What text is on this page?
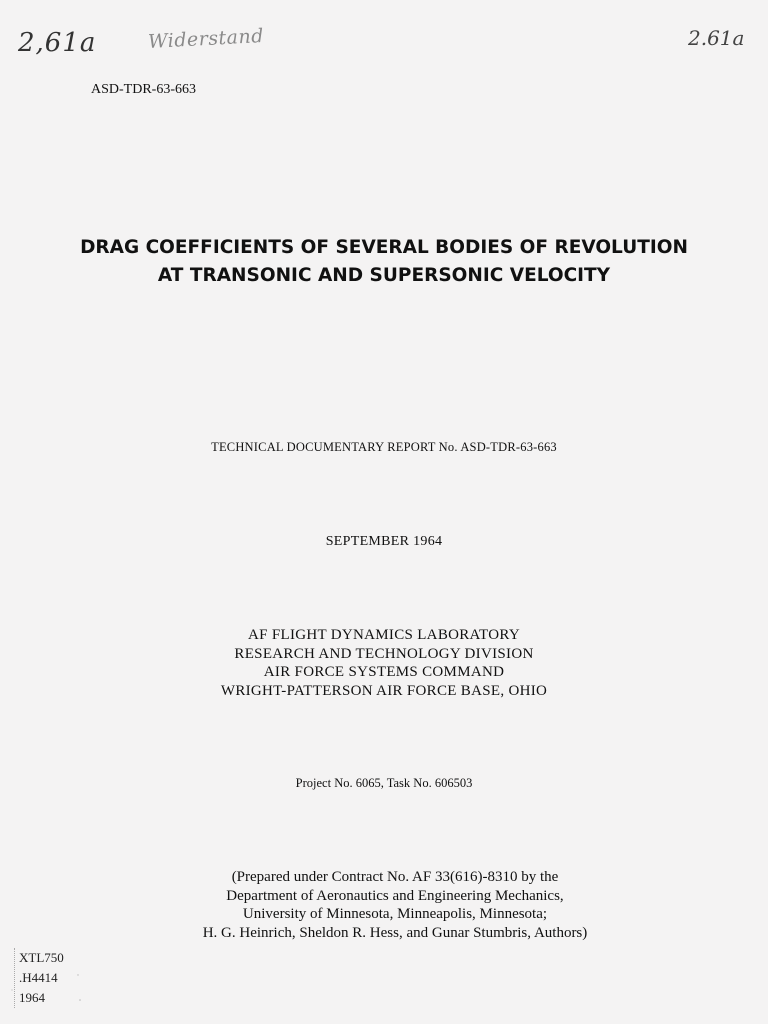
2,61a	Widerstand	2.61a
ASD-TDR-63-663
DRAG COEFFICIENTS OF SEVERAL BODIES OF REVOLUTION
AT TRANSONIC AND SUPERSONIC VELOCITY
TECHNICAL DOCUMENTARY REPORT No. ASD-TDR-63-663
SEPTEMBER 1964
AF FLIGHT DYNAMICS LABORATORY
RESEARCH AND TECHNOLOGY DIVISION
AIR FORCE SYSTEMS COMMAND
WRIGHT-PATTERSON AIR FORCE BASE, OHIO
Project No. 6065, Task No. 606503
(Prepared under Contract No. AF 33(616)-8310 by the
Department of Aeronautics and Engineering Mechanics,
University of Minnesota, Minneapolis, Minnesota;
H. G. Heinrich, Sheldon R. Hess, and Gunar Stumbris, Authors)
XTL750
.H4414
1964
